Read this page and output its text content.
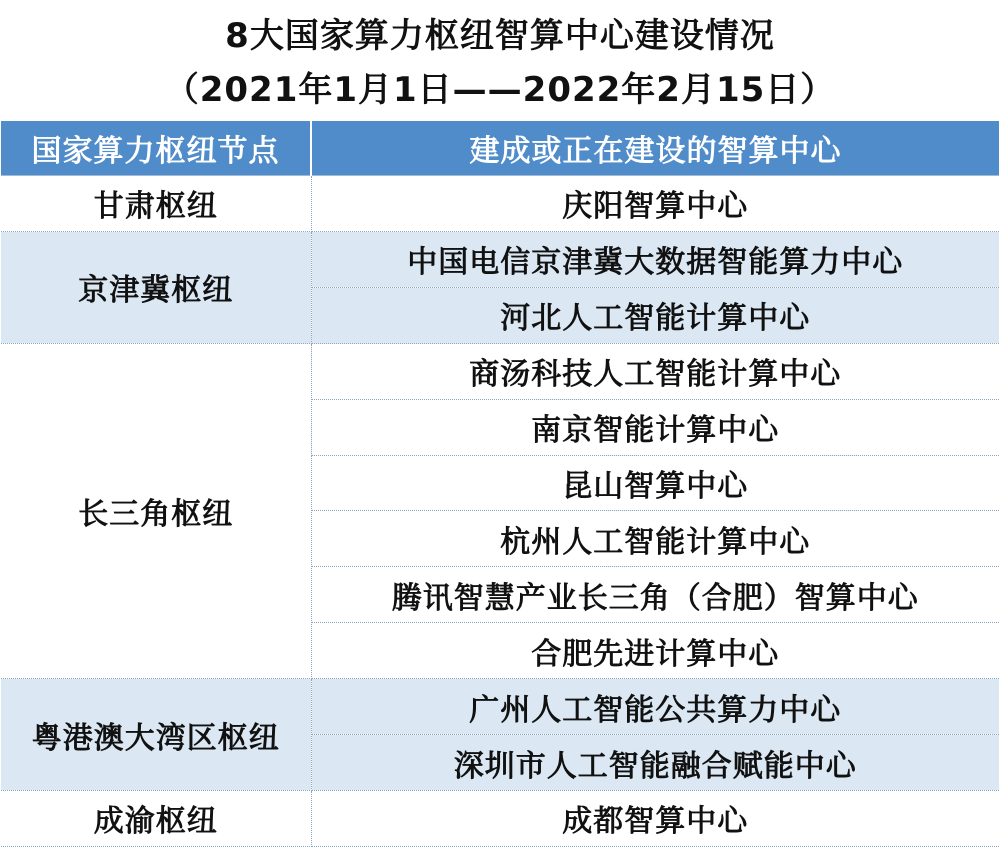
8大国家算力枢纽智算中心建设情况
（2021年1月1日——2022年2月15日）
国家算力枢纽节点	建成或正在建设的智算中心
甘肃枢纽	庆阳智算中心
京津冀枢纽	中国电信京津冀大数据智能算力中心
	河北人工智能计算中心
长三角枢纽	商汤科技人工智能计算中心
	南京智能计算中心
	昆山智算中心
	杭州人工智能计算中心
	腾讯智慧产业长三角（合肥）智算中心
	合肥先进计算中心
粤港澳大湾区枢纽	广州人工智能公共算力中心
	深圳市人工智能融合赋能中心
成渝枢纽	成都智算中心
